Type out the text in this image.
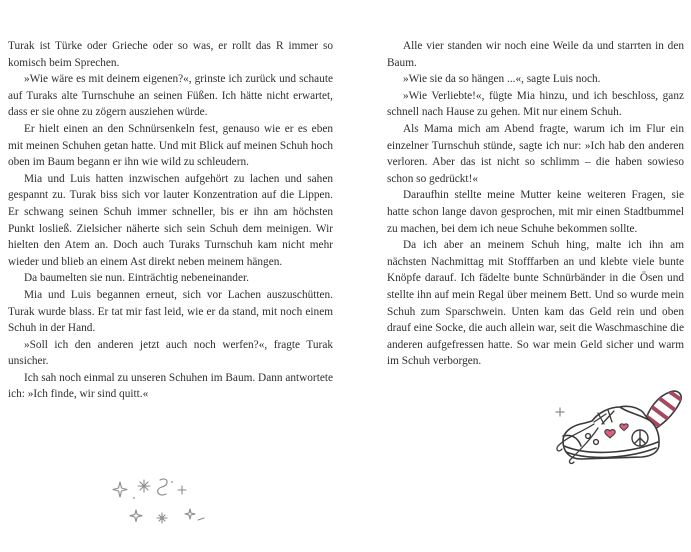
Turak ist Türke oder Grieche oder so was, er rollt das R immer so komisch beim Sprechen.

»Wie wäre es mit deinem eigenen?«, grinste ich zurück und schaute auf Turaks alte Turnschuhe an seinen Füßen. Ich hätte nicht erwartet, dass er sie ohne zu zögern ausziehen würde.

Er hielt einen an den Schnürsenkeln fest, genauso wie er es eben mit meinen Schuhen getan hatte. Und mit Blick auf meinen Schuh hoch oben im Baum begann er ihn wie wild zu schleudern.

Mia und Luis hatten inzwischen aufgehört zu lachen und sahen gespannt zu. Turak biss sich vor lauter Konzentration auf die Lippen. Er schwang seinen Schuh immer schneller, bis er ihn am höchsten Punkt losließ. Zielsicher näherte sich sein Schuh dem meinigen. Wir hielten den Atem an. Doch auch Turaks Turnschuh kam nicht mehr wieder und blieb an einem Ast direkt neben meinem hängen.

Da baumelten sie nun. Einträchtig nebeneinander.

Mia und Luis begannen erneut, sich vor Lachen auszuschütten. Turak wurde blass. Er tat mir fast leid, wie er da stand, mit noch einem Schuh in der Hand.

»Soll ich den anderen jetzt auch noch werfen?«, fragte Turak unsicher.

Ich sah noch einmal zu unseren Schuhen im Baum. Dann antwortete ich: »Ich finde, wir sind quitt.«

Alle vier standen wir noch eine Weile da und starrten in den Baum.

»Wie sie da so hängen ...«, sagte Luis noch.

»Wie Verliebte!«, fügte Mia hinzu, und ich beschloss, ganz schnell nach Hause zu gehen. Mit nur einem Schuh.

Als Mama mich am Abend fragte, warum ich im Flur ein einzelner Turnschuh stünde, sagte ich nur: »Ich hab den anderen verloren. Aber das ist nicht so schlimm – die haben sowieso schon so gedrückt!«

Daraufhin stellte meine Mutter keine weiteren Fragen, sie hatte schon lange davon gesprochen, mit mir einen Stadtbummel zu machen, bei dem ich neue Schuhe bekommen sollte.

Da ich aber an meinem Schuh hing, malte ich ihn am nächsten Nachmittag mit Stofffarben an und klebte viele bunte Knöpfe darauf. Ich fädelte bunte Schnürbänder in die Ösen und stellte ihn auf mein Regal über meinem Bett. Und so wurde mein Schuh zum Sparschwein. Unten kam das Geld rein und oben drauf eine Socke, die auch allein war, seit die Waschmaschine die anderen aufgefressen hatte. So war mein Geld sicher und warm im Schuh verborgen.
